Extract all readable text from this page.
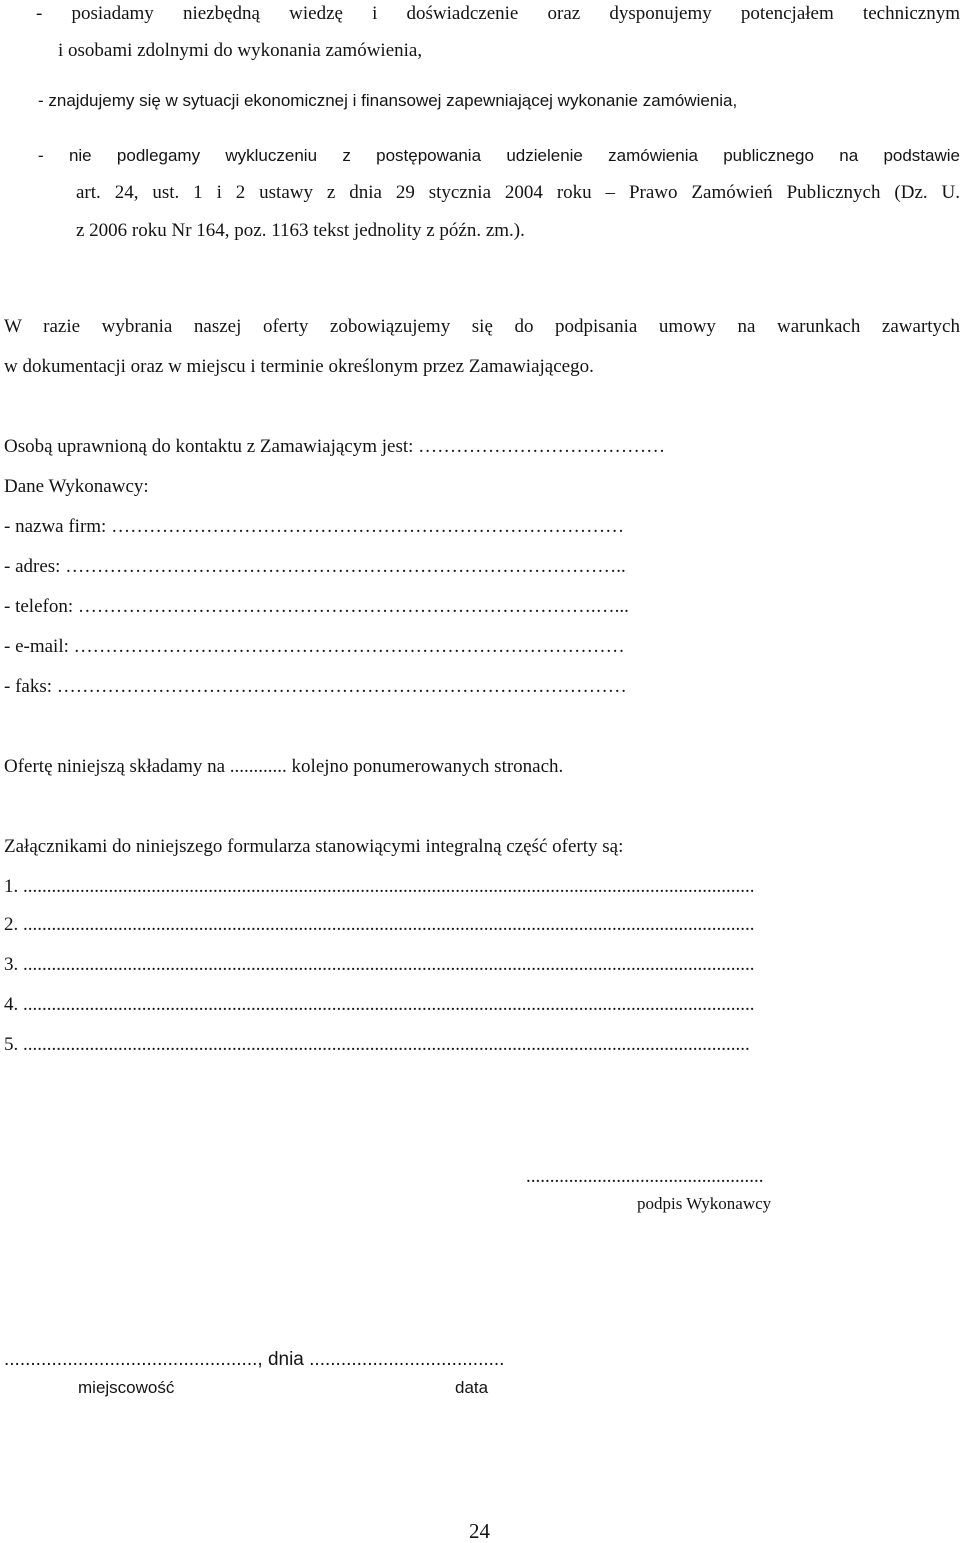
- posiadamy niezbędną wiedzę i doświadczenie oraz dysponujemy potencjałem technicznym
i osobami zdolnymi do wykonania zamówienia,
- znajdujemy się w sytuacji ekonomicznej i finansowej zapewniającej wykonanie zamówienia,
- nie podlegamy wykluczeniu z postępowania udzielenie zamówienia publicznego na podstawie
art. 24, ust. 1 i 2 ustawy z dnia 29 stycznia 2004 roku – Prawo Zamówień Publicznych (Dz. U.
z 2006 roku Nr 164, poz. 1163 tekst jednolity z późn. zm.).
W razie wybrania naszej oferty zobowiązujemy się do podpisania umowy na warunkach zawartych
w dokumentacji oraz w miejscu i terminie określonym przez Zamawiającego.
Osobą uprawnioną do kontaktu z Zamawiającym jest: …………………………………
Dane Wykonawcy:
- nazwa firm: ………………………………………………………………………
- adres: ……………………………………………………………………………..
- telefon: ……………………………………………………………………….…...
- e-mail: ……………………………………………………………………………
- faks: ………………………………………………………………………………
Ofertę niniejszą składamy na ............ kolejno ponumerowanych stronach.
Załącznikami do niniejszego formularza stanowiącymi integralną część oferty są:
1. ..........................................................................................................................................................
2. ..........................................................................................................................................................
3. ..........................................................................................................................................................
4. ..........................................................................................................................................................
5. .........................................................................................................................................................
..................................................
podpis Wykonawcy
................................................, dnia .....................................
miejscowość	data
24
